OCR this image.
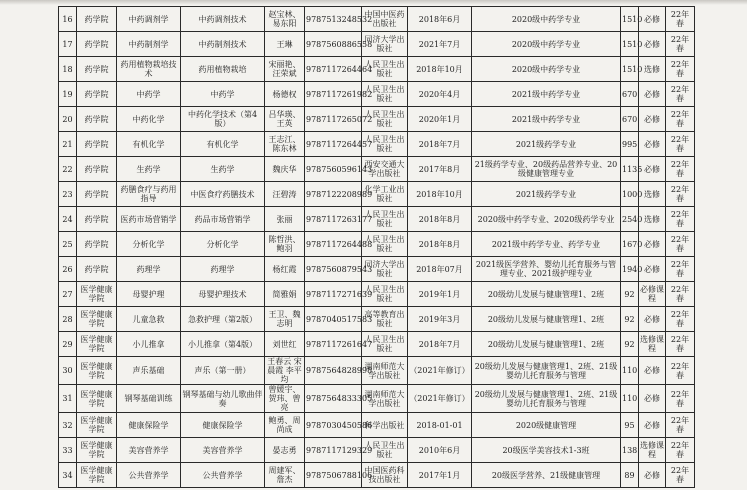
16	药学院	中药调剂学	中药调剂技术	赵宝林、易东阳	9787513248532	中国中医药出版社	2018年6月	2020级中药学专业	1510	必修	22年春
17	药学院	中药制剂学	中药制剂技术	王琳	9787560886558	同济大学出版社	2021年7月	2020级中药学专业	1510	必修	22年春
18	药学院	药用植物栽培技术	药用植物栽培	宋丽艳、汪荣斌	9787117264464	人民卫生出版社	2018年10月	2020级中药学专业	1510	选修	22年春
19	药学院	中药学	中药学	杨德权	9787117261982	人民卫生出版社	2020年4月	2021级中药学专业	670	必修	22年春
20	药学院	中药化学	中药化学技术（第4版）	吕华瑛、王英	9787117265072	人民卫生出版社	2020年1月	2021级中药学专业	670	必修	22年春
21	药学院	有机化学	有机化学	王志江、陈东林	9787117264457	人民卫生出版社	2018年7月	2021级药学专业	995	必修	22年春
22	药学院	生药学	生药学	魏庆华	9787560596143	西安交通大学出版社	2017年8月	21级药学专业、20级药品营养专业、20级健康管理专业	1135	必修	22年春
23	药学院	药膳食疗与药用指导	中医食疗药膳技术	汪碧涛	9787122208989	化学工业出版社	2018年10月	2021级药学专业	1000	选修	22年春
24	药学院	医药市场营销学	药品市场营销学	张丽	9787117263177	人民卫生出版社	2018年8月	2020级中药学专业、2020级药学专业	2540	选修	22年春
25	药学院	分析化学	分析化学	陈哲洪、鲍羽	9787117264488	人民卫生出版社	2018年8月	2021级中药学专业、药学专业	1670	必修	22年春
26	药学院	药理学	药理学	杨红霞	9787560879543	同济大学出版社	2018年07月	2021级医学营养、婴幼儿托育服务与管理专业、2021级护理专业	1940	必修	22年春
27	医学健康学院	母婴护理	母婴护理技术	简雅娟	9787117271639	人民卫生出版社	2019年1月	20级幼儿发展与健康管理1、2班	92	必修课程	22年春
28	医学健康学院	儿童急救	急救护理（第2版）	王卫、魏志明	9787040517583	高等教育出版社	2019年3月	20级幼儿发展与健康管理1、2班	92	必修	22年春
29	医学健康学院	小儿推拿	小儿推拿（第4版）	刘世红	9787117261647	人民卫生出版社	2018年7月	20级幼儿发展与健康管理1、2班	92	选修课程	22年春
30	医学健康学院	声乐基础	声乐（第一册）	王春云 宋晨霞 李平均	9787564828998	湖南师范大学出版社	（2021年修订）	20级幼儿发展与健康管理1、2班、21级婴幼儿托育服务与管理	110	必修	22年春
31	医学健康学院	钢琴基础训练	钢琴基础与幼儿歌曲伴奏	曾媛宇、贺玮、曾亮	9787564833305	湖南师范大学出版社	（2021年修订）	20级幼儿发展与健康管理1、2班、21级婴幼儿托育服务与管理	110	必修	22年春
32	医学健康学院	健康保险学	健康保险学	鲍勇、周尚成	9787030450586	科学出版社	2018-01-01	2020级健康管理	95	必修	22年春
33	医学健康学院	美容营养学	美容营养学	晏志勇	9787117129329	人民卫生出版社	2010年6月	20级医学美容技术1-3班	138	选修课程	22年春
34	医学健康学院	公共营养学	公共营养学	周建军、詹杰	9787506788106	中国医药科技出版社	2017年1月	20级医学营养、21级健康管理	89	必修	22年春
